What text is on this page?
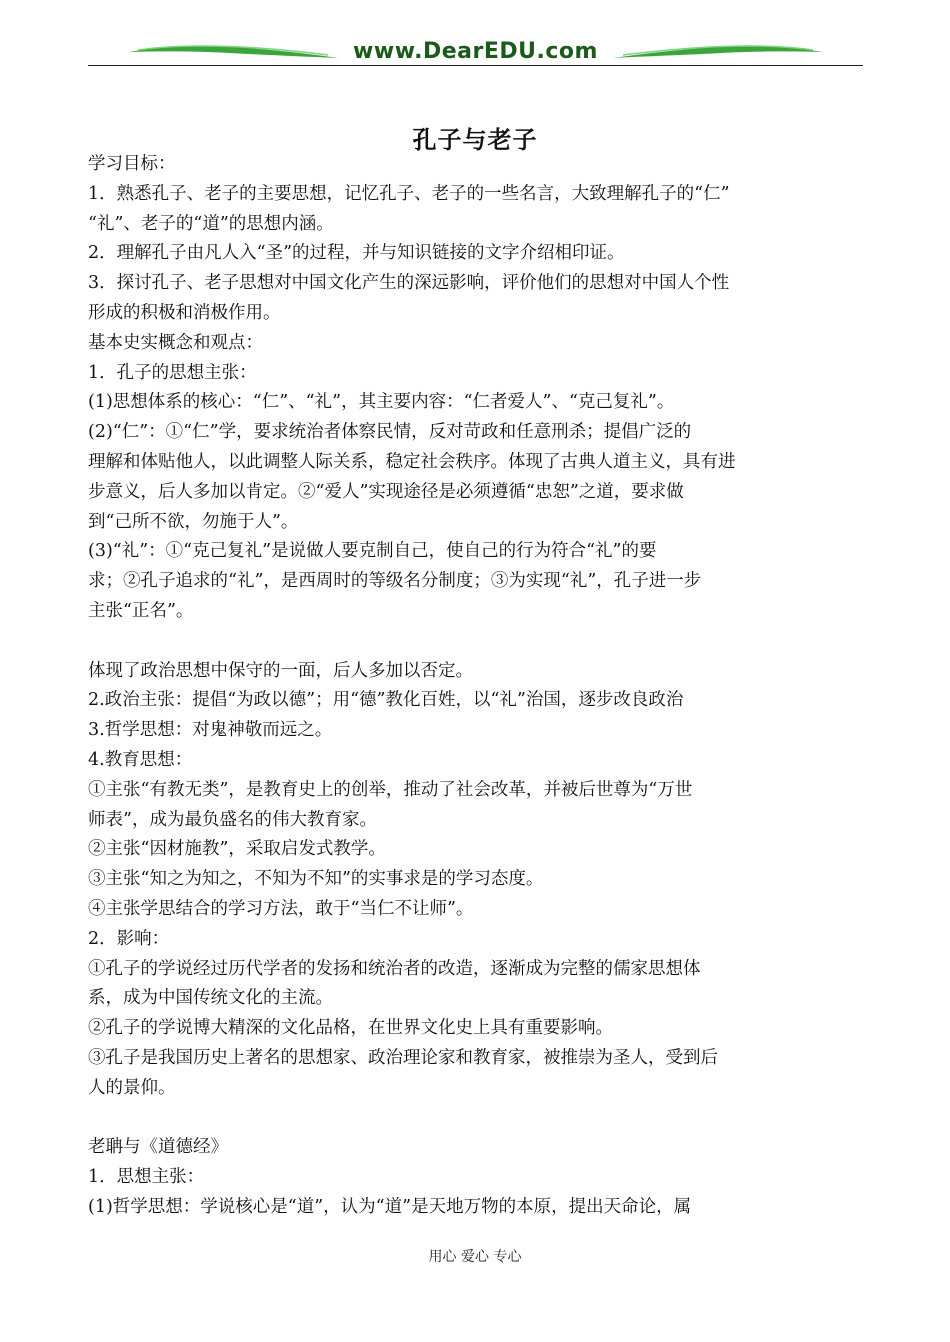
www.DearEDU.com
孔子与老子
学习目标：
1．熟悉孔子、老子的主要思想，记忆孔子、老子的一些名言，大致理解孔子的“仁”
“礼”、老子的“道”的思想内涵。
2．理解孔子由凡人入“圣”的过程，并与知识链接的文字介绍相印证。
3．探讨孔子、老子思想对中国文化产生的深远影响，评价他们的思想对中国人个性
形成的积极和消极作用。
基本史实概念和观点：
1．孔子的思想主张：
(1)思想体系的核心：“仁”、“礼”，其主要内容：“仁者爱人”、“克己复礼”。
(2)“仁”：①“仁”学，要求统治者体察民情，反对苛政和任意刑杀；提倡广泛的
理解和体贴他人，以此调整人际关系，稳定社会秩序。体现了古典人道主义，具有进
步意义，后人多加以肯定。②“爱人”实现途径是必须遵循“忠恕”之道，要求做
到“己所不欲，勿施于人”。
(3)“礼”：①“克己复礼”是说做人要克制自己，使自己的行为符合“礼”的要
求；②孔子追求的“礼”，是西周时的等级名分制度；③为实现“礼”，孔子进一步
主张“正名”。
体现了政治思想中保守的一面，后人多加以否定。
2.政治主张：提倡“为政以德”；用“德”教化百姓，以“礼”治国，逐步改良政治
3.哲学思想：对鬼神敬而远之。
4.教育思想：
①主张“有教无类”，是教育史上的创举，推动了社会改革，并被后世尊为“万世
师表”，成为最负盛名的伟大教育家。
②主张“因材施教”，采取启发式教学。
③主张“知之为知之，不知为不知”的实事求是的学习态度。
④主张学思结合的学习方法，敢于“当仁不让师”。
2．影响：
①孔子的学说经过历代学者的发扬和统治者的改造，逐渐成为完整的儒家思想体
系，成为中国传统文化的主流。
②孔子的学说博大精深的文化品格，在世界文化史上具有重要影响。
③孔子是我国历史上著名的思想家、政治理论家和教育家，被推崇为圣人，受到后
人的景仰。
老聃与《道德经》
1．思想主张：
(1)哲学思想：学说核心是“道”，认为“道”是天地万物的本原，提出天命论，属
用心 爱心 专心
